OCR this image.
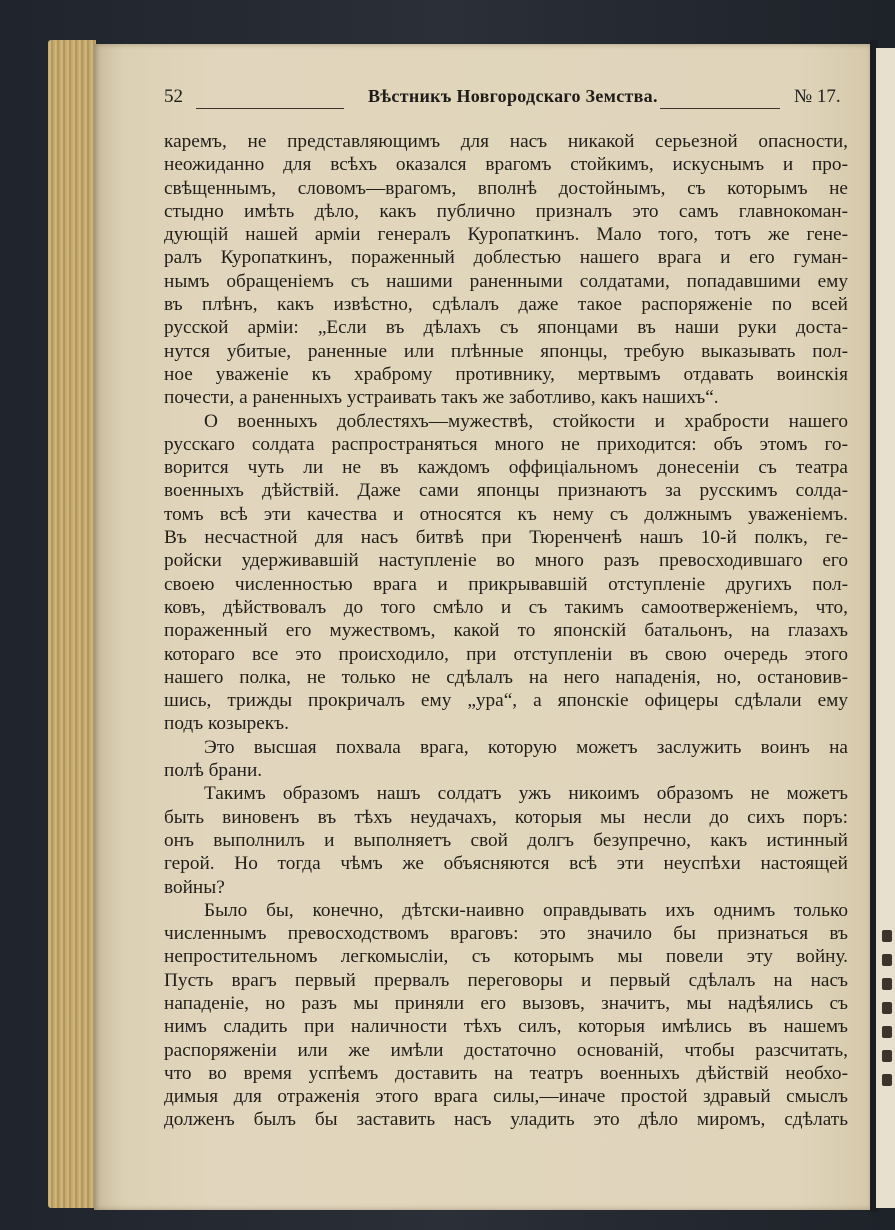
52	Вѣстникъ Новгородскаго Земства.	№ 17.
каремъ, не представляющимъ для насъ никакой серьезной опасности,
неожиданно для всѣхъ оказался врагомъ стойкимъ, искуснымъ и про-
свѣщеннымъ, словомъ—врагомъ, вполнѣ достойнымъ, съ которымъ не
стыдно имѣть дѣло, какъ публично призналъ это самъ главнокоман-
дующій нашей арміи генералъ Куропаткинъ. Мало того, тотъ же гене-
ралъ Куропаткинъ, пораженный доблестью нашего врага и его гуман-
нымъ обращеніемъ съ нашими раненными солдатами, попадавшими ему
въ плѣнъ, какъ извѣстно, сдѣлалъ даже такое распоряженіе по всей
русской арміи: „Если въ дѣлахъ съ японцами въ наши руки доста-
нутся убитые, раненные или плѣнные японцы, требую выказывать пол-
ное уваженіе къ храброму противнику, мертвымъ отдавать воинскія
почести, а раненныхъ устраивать такъ же заботливо, какъ нашихъ“.
О военныхъ доблестяхъ—мужествѣ, стойкости и храбрости нашего
русскаго солдата распространяться много не приходится: объ этомъ го-
ворится чуть ли не въ каждомъ оффиціальномъ донесеніи съ театра
военныхъ дѣйствій. Даже сами японцы признаютъ за русскимъ солда-
томъ всѣ эти качества и относятся къ нему съ должнымъ уваженіемъ.
Въ несчастной для насъ битвѣ при Тюренченѣ нашъ 10-й полкъ, ге-
ройски удерживавшій наступленіе во много разъ превосходившаго его
своею численностью врага и прикрывавшій отступленіе другихъ пол-
ковъ, дѣйствовалъ до того смѣло и съ такимъ самоотверженіемъ, что,
пораженный его мужествомъ, какой то японскій батальонъ, на глазахъ
котораго все это происходило, при отступленіи въ свою очередь этого
нашего полка, не только не сдѣлалъ на него нападенія, но, остановив-
шись, трижды прокричалъ ему „ура“, а японскіе офицеры сдѣлали ему
подъ козырекъ.
Это высшая похвала врага, которую можетъ заслужить воинъ на
полѣ брани.
Такимъ образомъ нашъ солдатъ ужъ никоимъ образомъ не можетъ
быть виновенъ въ тѣхъ неудачахъ, которыя мы несли до сихъ поръ:
онъ выполнилъ и выполняетъ свой долгъ безупречно, какъ истинный
герой. Но тогда чѣмъ же объясняются всѣ эти неуспѣхи настоящей
войны?
Было бы, конечно, дѣтски-наивно оправдывать ихъ однимъ только
численнымъ превосходствомъ враговъ: это значило бы признаться въ
непростительномъ легкомысліи, съ которымъ мы повели эту войну.
Пусть врагъ первый прервалъ переговоры и первый сдѣлалъ на насъ
нападеніе, но разъ мы приняли его вызовъ, значитъ, мы надѣялись съ
нимъ сладить при наличности тѣхъ силъ, которыя имѣлись въ нашемъ
распоряженіи или же имѣли достаточно основаній, чтобы разсчитать,
что во время успѣемъ доставить на театръ военныхъ дѣйствій необхо-
димыя для отраженія этого врага силы,—иначе простой здравый смыслъ
долженъ былъ бы заставить насъ уладить это дѣло миромъ, сдѣлать
